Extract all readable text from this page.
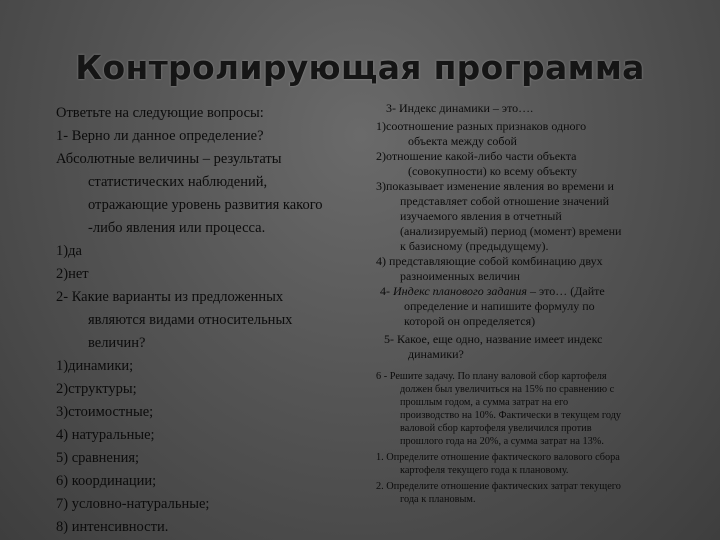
Контролирующая программа

Ответьте на следующие вопросы:

1- Верно ли данное определение?

Абсолютные величины – результаты
статистических наблюдений,
отражающие уровень развития какого
-либо явления или процесса.

1)да

2)нет

2- Какие варианты из предложенных
являются видами относительных
величин?

1)динамики;

2)структуры;

3)стоимостные;

4) натуральные;

5) сравнения;

6) координации;

7) условно-натуральные;

8) интенсивности.

3- Индекс динамики – это….

1)соотношение разных признаков одного
объекта между собой

2)отношение какой-либо части объекта
(совокупности) ко всему объекту

3)показывает изменение явления во времени и
представляет собой отношение значений
изучаемого явления в отчетный
(анализируемый) период (момент) времени
к базисному (предыдущему).

4) представляющие собой комбинацию двух
разноименных величин

4- Индекс планового задания – это… (Дайте
определение и напишите формулу по
которой он определяется)

5- Какое, еще одно, название имеет индекс
динамики?

6 - Решите задачу. По плану валовой сбор картофеля
должен был увеличиться на 15% по сравнению с
прошлым годом, а сумма затрат на его
производство на 10%. Фактически в текущем году
валовой сбор картофеля увеличился против
прошлого года на 20%, а сумма затрат на 13%.

1. Определите отношение фактического валового сбора
картофеля текущего года к плановому.

2. Определите отношение фактических затрат текущего
года к плановым.
